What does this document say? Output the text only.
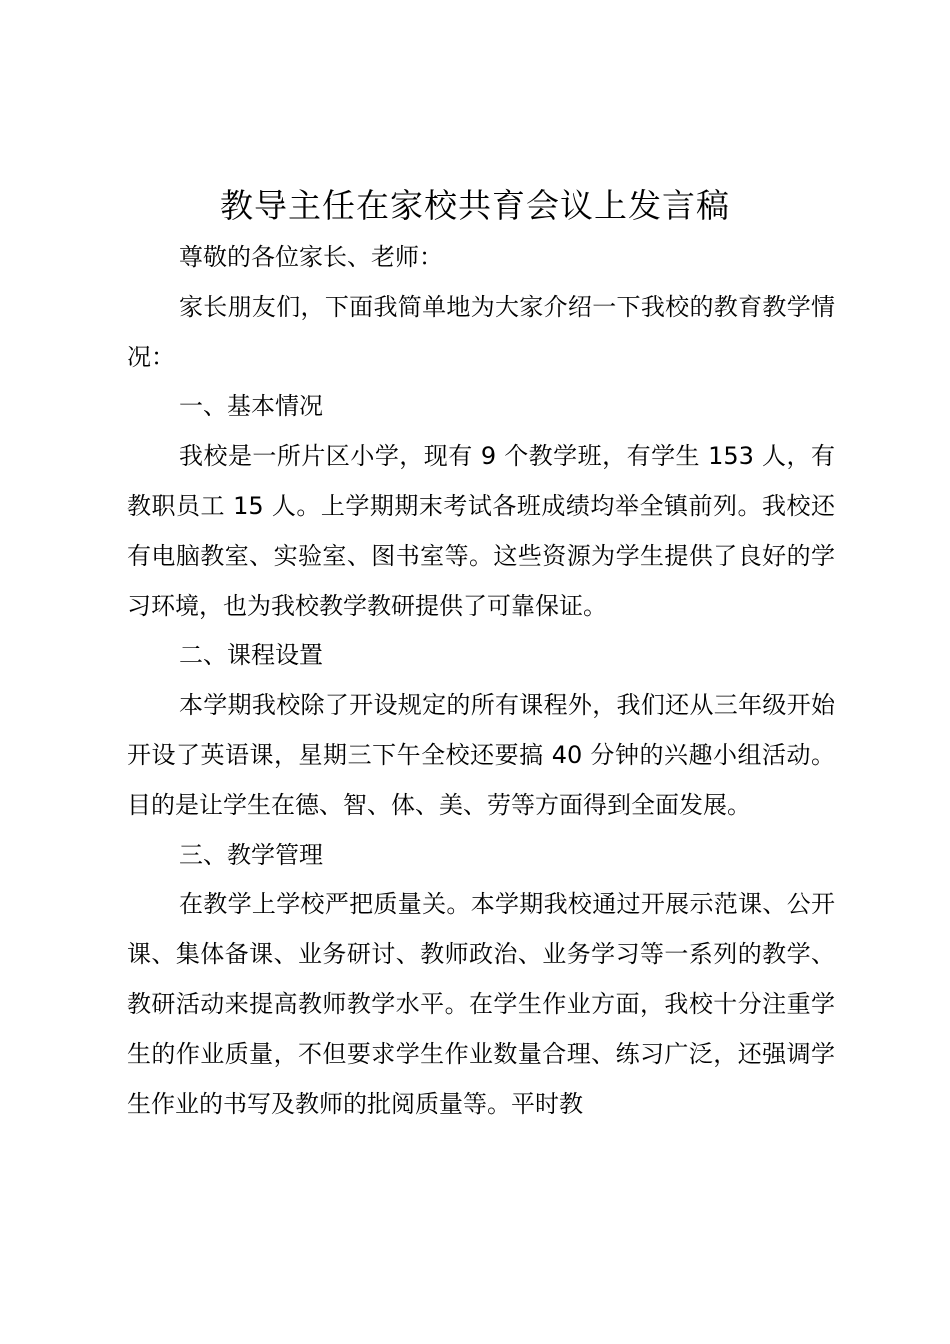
教导主任在家校共育会议上发言稿

尊敬的各位家长、老师：

家长朋友们，下面我简单地为大家介绍一下我校的教育教学情况：

一、基本情况

我校是一所片区小学，现有 9 个教学班，有学生 153 人，有教职员工 15 人。上学期期末考试各班成绩均举全镇前列。我校还有电脑教室、实验室、图书室等。这些资源为学生提供了良好的学习环境，也为我校教学教研提供了可靠保证。

二、课程设置

本学期我校除了开设规定的所有课程外，我们还从三年级开始开设了英语课，星期三下午全校还要搞 40 分钟的兴趣小组活动。目的是让学生在德、智、体、美、劳等方面得到全面发展。

三、教学管理

在教学上学校严把质量关。本学期我校通过开展示范课、公开课、集体备课、业务研讨、教师政治、业务学习等一系列的教学、教研活动来提高教师教学水平。在学生作业方面，我校十分注重学生的作业质量，不但要求学生作业数量合理、练习广泛，还强调学生作业的书写及教师的批阅质量等。平时教
